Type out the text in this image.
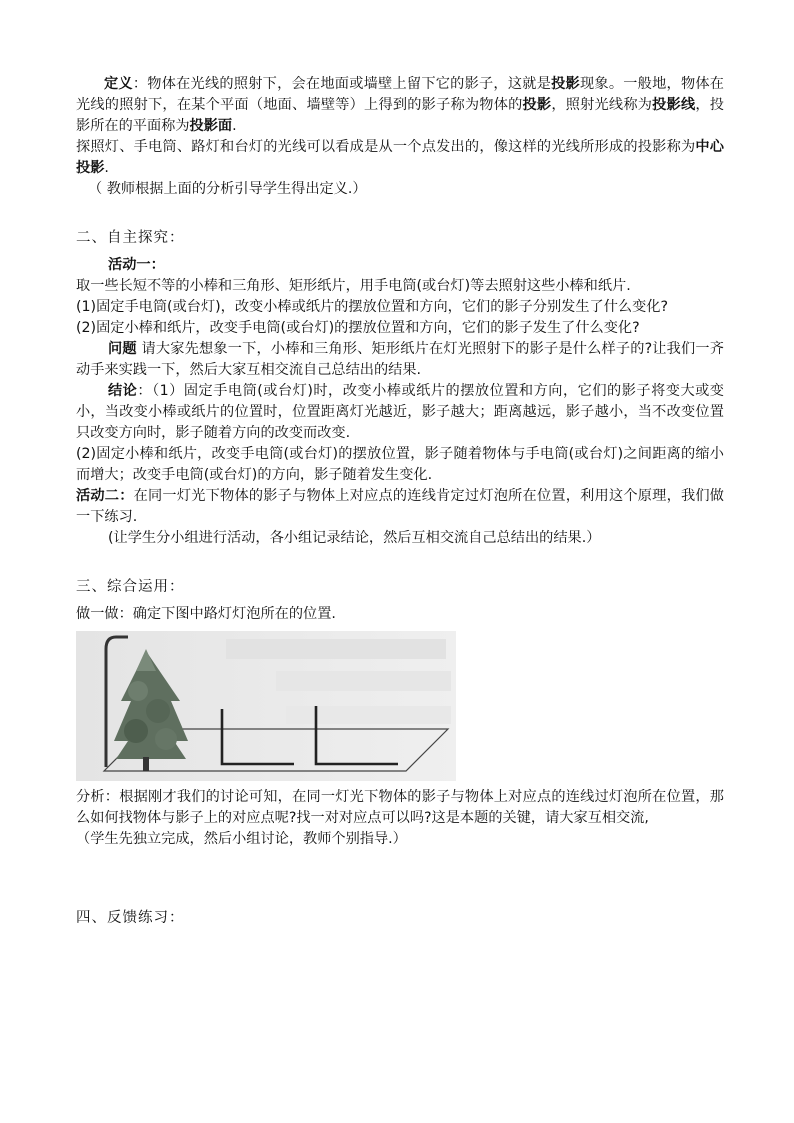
定义：物体在光线的照射下，会在地面或墙壁上留下它的影子，这就是投影现象。一般地，物体在光线的照射下，在某个平面（地面、墙壁等）上得到的影子称为物体的投影，照射光线称为投影线，投影所在的平面称为投影面.

探照灯、手电筒、路灯和台灯的光线可以看成是从一个点发出的，像这样的光线所形成的投影称为中心投影.

（ 教师根据上面的分析引导学生得出定义.）

二、自主探究：

活动一：

取一些长短不等的小棒和三角形、矩形纸片，用手电筒(或台灯)等去照射这些小棒和纸片.

(1)固定手电筒(或台灯)，改变小棒或纸片的摆放位置和方向，它们的影子分别发生了什么变化?

(2)固定小棒和纸片，改变手电筒(或台灯)的摆放位置和方向，它们的影子发生了什么变化?

问题 请大家先想象一下，小棒和三角形、矩形纸片在灯光照射下的影子是什么样子的?让我们一齐动手来实践一下，然后大家互相交流自己总结出的结果.

结论：（1）固定手电筒(或台灯)时，改变小棒或纸片的摆放位置和方向，它们的影子将变大或变小，当改变小棒或纸片的位置时，位置距离灯光越近，影子越大；距离越远，影子越小，当不改变位置只改变方向时，影子随着方向的改变而改变.

(2)固定小棒和纸片，改变手电筒(或台灯)的摆放位置，影子随着物体与手电筒(或台灯)之间距离的缩小而增大；改变手电筒(或台灯)的方向，影子随着发生变化.

活动二：在同一灯光下物体的影子与物体上对应点的连线肯定过灯泡所在位置，利用这个原理，我们做一下练习.

(让学生分小组进行活动，各小组记录结论，然后互相交流自己总结出的结果.）

三、综合运用：

做一做：确定下图中路灯灯泡所在的位置.

分析：根据刚才我们的讨论可知，在同一灯光下物体的影子与物体上对应点的连线过灯泡所在位置，那么如何找物体与影子上的对应点呢?找一对对应点可以吗?这是本题的关键，请大家互相交流,

（学生先独立完成，然后小组讨论，教师个别指导.）

四、反馈练习：
